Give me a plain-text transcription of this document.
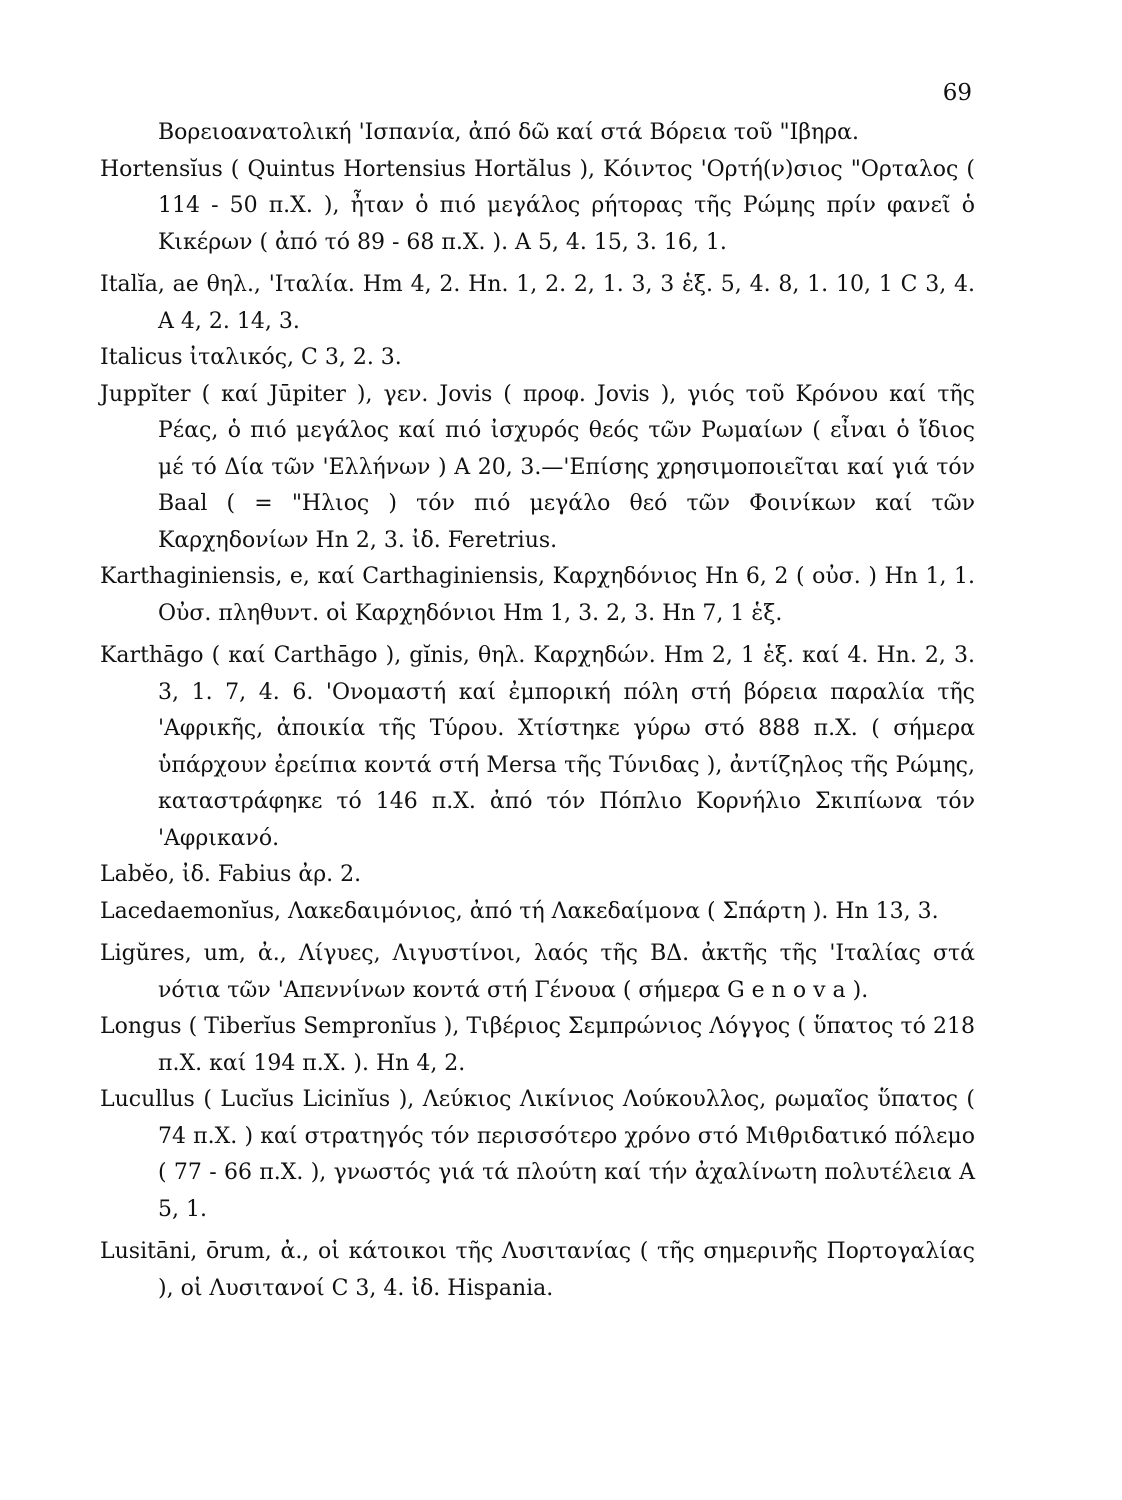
69

Βορειοανατολική 'Ισπανία, ἀπό δῶ καί στά Βόρεια τοῦ "Ιβηρα.

Hortensĭus ( Quintus Hortensius Hortălus ), Κόιντος 'Ορτή(ν)σιος "Ορταλος ( 114 - 50 π.Χ. ), ἦταν ὁ πιό μεγάλος ρήτορας τῆς Ρώμης πρίν φανεῖ ὁ Κικέρων ( ἀπό τό 89 - 68 π.Χ. ). A 5, 4. 15, 3. 16, 1.

Italĭa, ae θηλ., 'Ιταλία. Hm 4, 2. Hn. 1, 2. 2, 1. 3, 3 ἑξ. 5, 4. 8, 1. 10, 1 C 3, 4. A 4, 2. 14, 3.

Italicus ἰταλικός, C 3, 2. 3.

Juppĭter ( καί Jūpiter ), γεν. Jovis ( προφ. Jovis ), γιός τοῦ Κρόνου καί τῆς Ρέας, ὁ πιό μεγάλος καί πιό ἰσχυρός θεός τῶν Ρωμαίων ( εἶναι ὁ ἴδιος μέ τό Δία τῶν 'Ελλήνων ) A 20, 3.—'Επίσης χρησιμοποιεῖται καί γιά τόν Baal ( = "Ηλιος ) τόν πιό μεγάλο θεό τῶν Φοινίκων καί τῶν Καρχηδονίων Hn 2, 3. ἰδ. Feretrius.

Karthaginiensis, e, καί Carthaginiensis, Καρχηδόνιος Hn 6, 2 ( οὐσ. ) Hn 1, 1. Οὐσ. πληθυντ. οἱ Καρχηδόνιοι Hm 1, 3. 2, 3. Hn 7, 1 ἑξ.

Karthāgo ( καί Carthāgo ), gĭnis, θηλ. Καρχηδών. Hm 2, 1 ἑξ. καί 4. Hn. 2, 3. 3, 1. 7, 4. 6. 'Ονομαστή καί ἐμπορική πόλη στή βόρεια παραλία τῆς 'Αφρικῆς, ἀποικία τῆς Τύρου. Χτίστηκε γύρω στό 888 π.Χ. ( σήμερα ὑπάρχουν ἐρείπια κοντά στή Mersa τῆς Τύνιδας ), ἀντίζηλος τῆς Ρώμης, καταστράφηκε τό 146 π.Χ. ἀπό τόν Πόπλιο Κορνήλιο Σκιπίωνα τόν 'Αφρικανό.

Labĕo, ἰδ. Fabius ἀρ. 2.

Lacedaemonĭus, Λακεδαιμόνιος, ἀπό τή Λακεδαίμονα ( Σπάρτη ). Hn 13, 3.

Ligŭres, um, ἀ., Λίγυες, Λιγυστίνοι, λαός τῆς ΒΔ. ἀκτῆς τῆς 'Ιταλίας στά νότια τῶν 'Απεννίνων κοντά στή Γένουα ( σήμερα G e n o v a ).

Longus ( Tiberĭus Sempronĭus ), Τιβέριος Σεμπρώνιος Λόγγος ( ὕπατος τό 218 π.Χ. καί 194 π.Χ. ). Hn 4, 2.

Lucullus ( Lucĭus Licinĭus ), Λεύκιος Λικίνιος Λούκουλλος, ρωμαῖος ὕπατος ( 74 π.Χ. ) καί στρατηγός τόν περισσότερο χρόνο στό Μιθριδατικό πόλεμο ( 77 - 66 π.Χ. ), γνωστός γιά τά πλούτη καί τήν ἀχαλίνωτη πολυτέλεια A 5, 1.

Lusitāni, ōrum, ἀ., οἱ κάτοικοι τῆς Λυσιτανίας ( τῆς σημερινῆς Πορτογαλίας ), οἱ Λυσιτανοί C 3, 4. ἰδ. Hispania.
